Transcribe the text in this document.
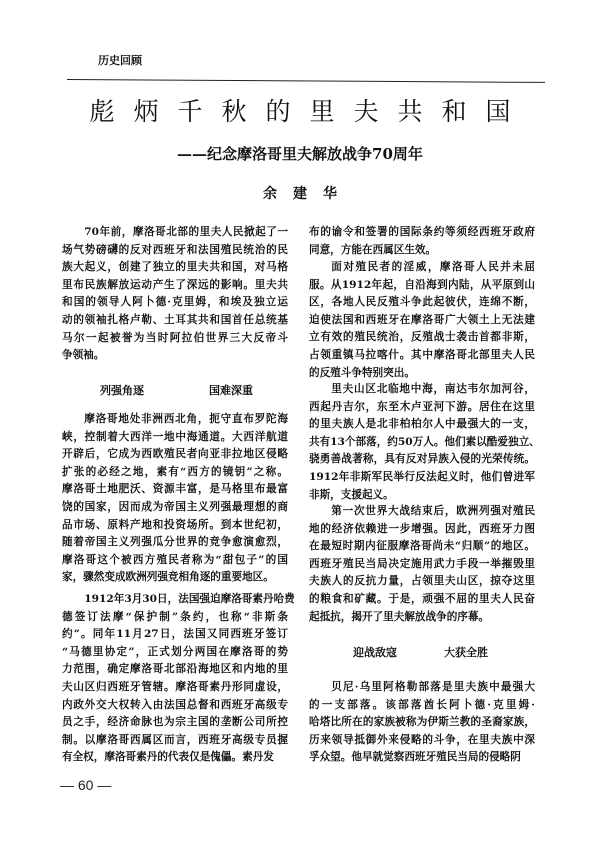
历史回顾
彪炳千秋的里夫共和国
——纪念摩洛哥里夫解放战争70周年
余建华
70年前，摩洛哥北部的里夫人民掀起了一
场气势磅礴的反对西班牙和法国殖民统治的民
族大起义，创建了独立的里夫共和国，对马格
里布民族解放运动产生了深远的影响。里夫共
和国的领导人阿卜德·克里姆，和埃及独立运
动的领袖扎格卢勒、土耳其共和国首任总统基
马尔一起被誉为当时阿拉伯世界三大反帝斗
争领袖。
列强角逐	国难深重
摩洛哥地处非洲西北角，扼守直布罗陀海
峡，控制着大西洋一地中海通道。大西洋航道
开辟后，它成为西欧殖民者向亚非拉地区侵略
扩张的必经之地，素有“西方的镜钥”之称。
摩洛哥土地肥沃、资源丰富，是马格里布最富
饶的国家，因而成为帝国主义列强最理想的商
品市场、原料产地和投资场所。到本世纪初，
随着帝国主义列强瓜分世界的竞争愈演愈烈，
摩洛哥这个被西方殖民者称为“甜包子”的国
家，骤然变成欧洲列强竞相角逐的重要地区。
1912年3月30日，法国强迫摩洛哥素丹哈费
德签订法摩“保护制”条约，也称“非斯条
约”。同年11月27日，法国又同西班牙签订
“马德里协定”，正式划分两国在摩洛哥的势
力范围，确定摩洛哥北部沿海地区和内地的里
夫山区归西班牙管辖。摩洛哥素丹形同虚设，
内政外交大权转入由法国总督和西班牙高级专
员之手，经济命脉也为宗主国的垄断公司所控
制。以摩洛哥西属区而言，西班牙高级专员握
有全权，摩洛哥素丹的代表仅是傀儡。素丹发
布的谕令和签署的国际条约等须经西班牙政府
同意，方能在西属区生效。
面对殖民者的淫威，摩洛哥人民并未屈
服。从1912年起，自沿海到内陆，从平原到山
区，各地人民反殖斗争此起彼伏，连绵不断，
迫使法国和西班牙在摩洛哥广大领土上无法建
立有效的殖民统治，反殖战士袭击首都非斯，
占领重镇马拉喀什。其中摩洛哥北部里夫人民
的反殖斗争特别突出。
里夫山区北临地中海，南达韦尔加河谷，
西起丹吉尔，东至木卢亚河下游。居住在这里
的里夫族人是北非柏柏尔人中最强大的一支，
共有13个部落，约50万人。他们素以酷爱独立、
骁勇善战著称，具有反对异族入侵的光荣传统。
1912年非斯军民举行反法起义时，他们曾进军
非斯，支援起义。
第一次世界大战结束后，欧洲列强对殖民
地的经济依赖进一步增强。因此，西班牙力图
在最短时期内征服摩洛哥尚未“归顺”的地区。
西班牙殖民当局决定施用武力手段一举摧毁里
夫族人的反抗力量，占领里夫山区，掠夺这里
的粮食和矿藏。于是，顽强不屈的里夫人民奋
起抵抗，揭开了里夫解放战争的序幕。
迎战敌寇	大获全胜
贝尼·乌里阿格勒部落是里夫族中最强大
的一支部落。该部落酋长阿卜德·克里姆·
哈塔比所在的家族被称为伊斯兰教的圣裔家族，
历来领导抵御外来侵略的斗争，在里夫族中深
孚众望。他早就觉察西班牙殖民当局的侵略阴
— 60 —
